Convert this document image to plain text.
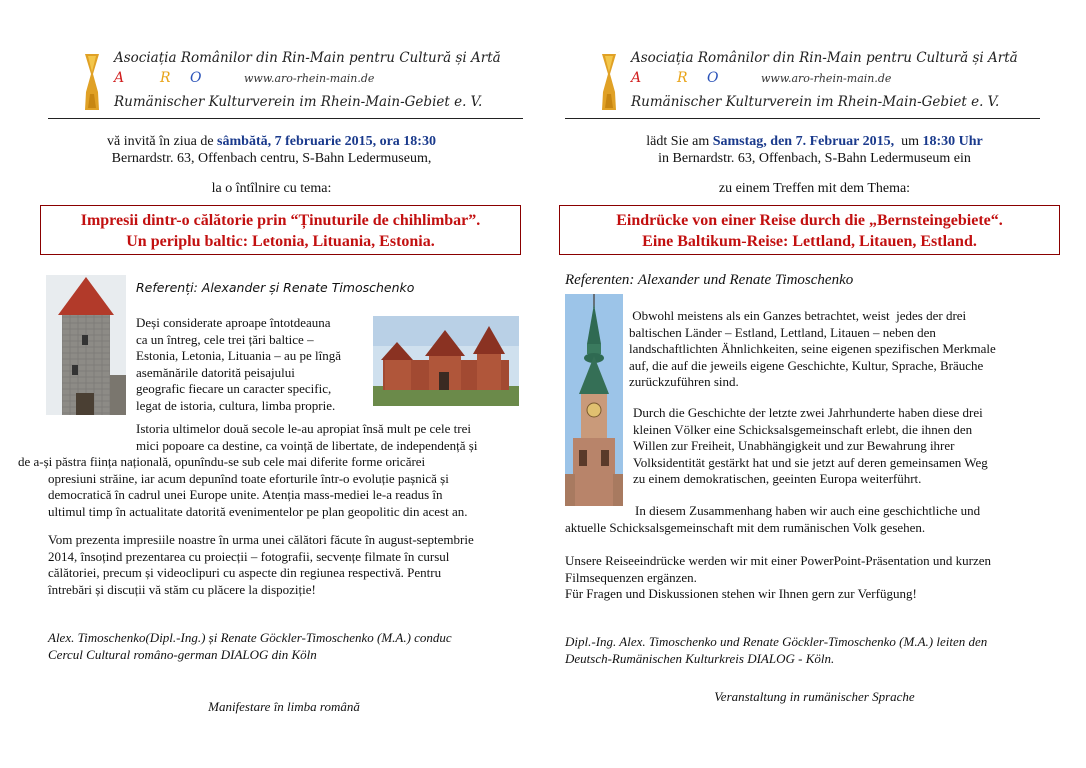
Asociația Românilor din Rin-Main pentru Cultură și Artă
A	R O	www.aro-rhein-main.de
Rumänischer Kulturverein im Rhein-Main-Gebiet e. V.
vă invită în ziua de sâmbătă, 7 februarie 2015, ora 18:30
Bernardstr. 63, Offenbach centru, S-Bahn Ledermuseum,
la o întîlnire cu tema:
Impresii dintr-o călătorie prin “Ținuturile de chihlimbar”.
Un periplu baltic: Letonia, Lituania, Estonia.
Referenți: Alexander și Renate Timoschenko
Deși considerate aproape întotdeauna
ca un întreg, cele trei țări baltice –
Estonia, Letonia, Lituania – au pe lîngă
asemănările datorită peisajului
geografic fiecare un caracter specific,
legat de istoria, cultura, limba proprie.
Istoria ultimelor două secole le-au apropiat însă mult pe cele trei
mici popoare ca destine, ca voință de libertate, de independență și
de a-și păstra ființa națională, opunîndu-se sub cele mai diferite forme oricărei
opresiuni străine, iar acum depunînd toate eforturile într-o evoluție pașnică și
democratică în cadrul unei Europe unite. Atenția mass-mediei le-a readus în
ultimul timp în actualitate datorită evenimentelor pe plan geopolitic din acest an.
Vom prezenta impresiile noastre în urma unei călători făcute în august-septembrie
2014, însoțind prezentarea cu proiecții – fotografii, secvențe filmate în cursul
călătoriei, precum și videoclipuri cu aspecte din regiunea respectivă. Pentru
întrebări și discuții vă stăm cu plăcere la dispoziție!
Alex. Timoschenko(Dipl.-Ing.) și Renate Göckler-Timoschenko (M.A.) conduc
Cercul Cultural româno-german DIALOG din Köln
Manifestare în limba română
Asociația Românilor din Rin-Main pentru Cultură și Artă
A	R O	www.aro-rhein-main.de
Rumänischer Kulturverein im Rhein-Main-Gebiet e. V.
lädt Sie am Samstag, den 7. Februar 2015,  um 18:30 Uhr
in Bernardstr. 63, Offenbach, S-Bahn Ledermuseum ein
zu einem Treffen mit dem Thema:
Eindrücke von einer Reise durch die „Bernsteingebiete“.
Eine Baltikum-Reise: Lettland, Litauen, Estland.
Referenten: Alexander und Renate Timoschenko
Obwohl meistens als ein Ganzes betrachtet, weist  jedes der drei
baltischen Länder – Estland, Lettland, Litauen – neben den
landschaftlichten Ähnlichkeiten, seine eigenen spezifischen Merkmale
auf, die auf die jeweils eigene Geschichte, Kultur, Sprache, Bräuche
zurückzuführen sind.
Durch die Geschichte der letzte zwei Jahrhunderte haben diese drei
kleinen Völker eine Schicksalsgemeinschaft erlebt, die ihnen den
Willen zur Freiheit, Unabhängigkeit und zur Bewahrung ihrer
Volksidentität gestärkt hat und sie jetzt auf deren gemeinsamen Weg
zu einem demokratischen, geeinten Europa weiterführt.
In diesem Zusammenhang haben wir auch eine geschichtliche und
aktuelle Schicksalsgemeinschaft mit dem rumänischen Volk gesehen.
Unsere Reiseeindrücke werden wir mit einer PowerPoint-Präsentation und kurzen
Filmsequenzen ergänzen.
Für Fragen und Diskussionen stehen wir Ihnen gern zur Verfügung!
Dipl.-Ing. Alex. Timoschenko und Renate Göckler-Timoschenko (M.A.) leiten den
Deutsch-Rumänischen Kulturkreis DIALOG - Köln.
Veranstaltung in rumänischer Sprache
